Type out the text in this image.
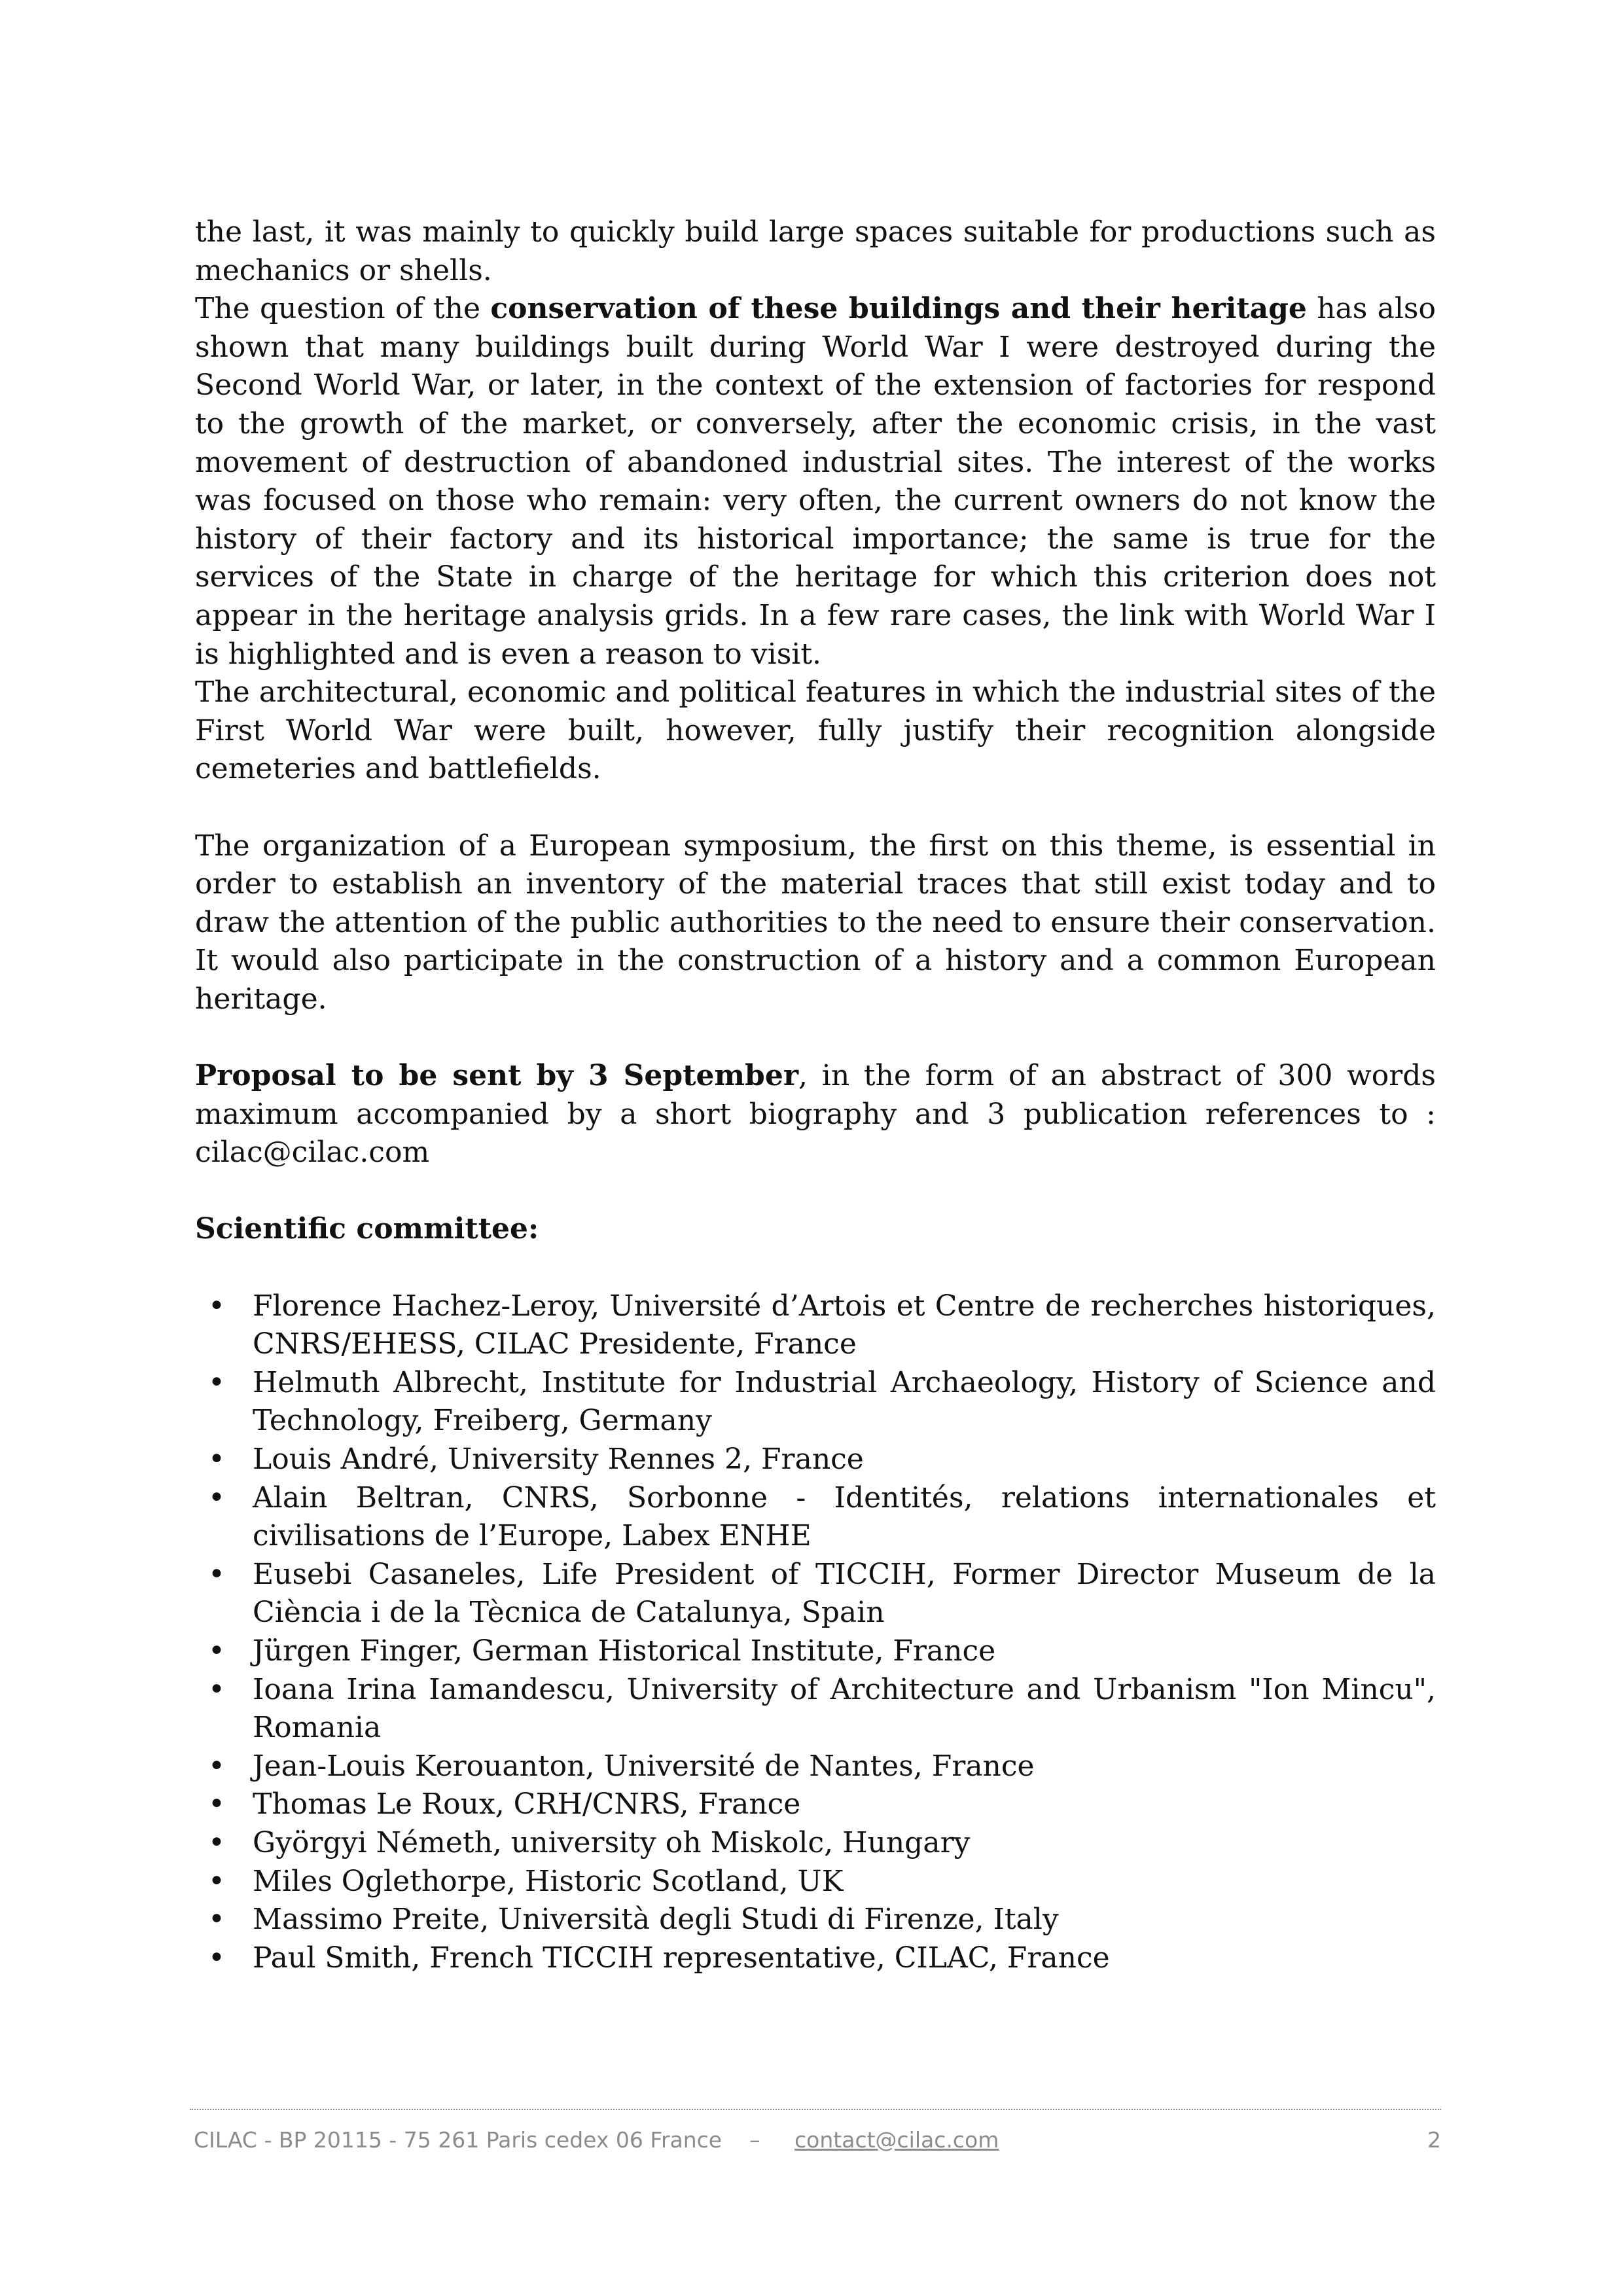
the last, it was mainly to quickly build large spaces suitable for productions such as mechanics or shells.

The question of the conservation of these buildings and their heritage has also shown that many buildings built during World War I were destroyed during the Second World War, or later, in the context of the extension of factories for respond to the growth of the market, or conversely, after the economic crisis, in the vast movement of destruction of abandoned industrial sites. The interest of the works was focused on those who remain: very often, the current owners do not know the history of their factory and its historical importance; the same is true for the services of the State in charge of the heritage for which this criterion does not appear in the heritage analysis grids. In a few rare cases, the link with World War I is highlighted and is even a reason to visit.

The architectural, economic and political features in which the industrial sites of the First World War were built, however, fully justify their recognition alongside cemeteries and battlefields.

The organization of a European symposium, the first on this theme, is essential in order to establish an inventory of the material traces that still exist today and to draw the attention of the public authorities to the need to ensure their conservation. It would also participate in the construction of a history and a common European heritage.

Proposal to be sent by 3 September, in the form of an abstract of 300 words maximum accompanied by a short biography and 3 publication references to : cilac@cilac.com

Scientific committee:

• Florence Hachez-Leroy, Université d’Artois et Centre de recherches historiques, CNRS/EHESS, CILAC Presidente, France
• Helmuth Albrecht, Institute for Industrial Archaeology, History of Science and Technology, Freiberg, Germany
• Louis André, University Rennes 2, France
• Alain Beltran, CNRS, Sorbonne - Identités, relations internationales et civilisations de l’Europe, Labex ENHE
• Eusebi Casaneles, Life President of TICCIH, Former Director Museum de la Ciència i de la Tècnica de Catalunya, Spain
• Jürgen Finger, German Historical Institute, France
• Ioana Irina Iamandescu, University of Architecture and Urbanism "Ion Mincu", Romania
• Jean-Louis Kerouanton, Université de Nantes, France
• Thomas Le Roux, CRH/CNRS, France
• Györgyi Németh, university oh Miskolc, Hungary
• Miles Oglethorpe, Historic Scotland, UK
• Massimo Preite, Università degli Studi di Firenze, Italy
• Paul Smith, French TICCIH representative, CILAC, France
CILAC - BP 20115 - 75 261 Paris cedex 06 France – contact@cilac.com	2
